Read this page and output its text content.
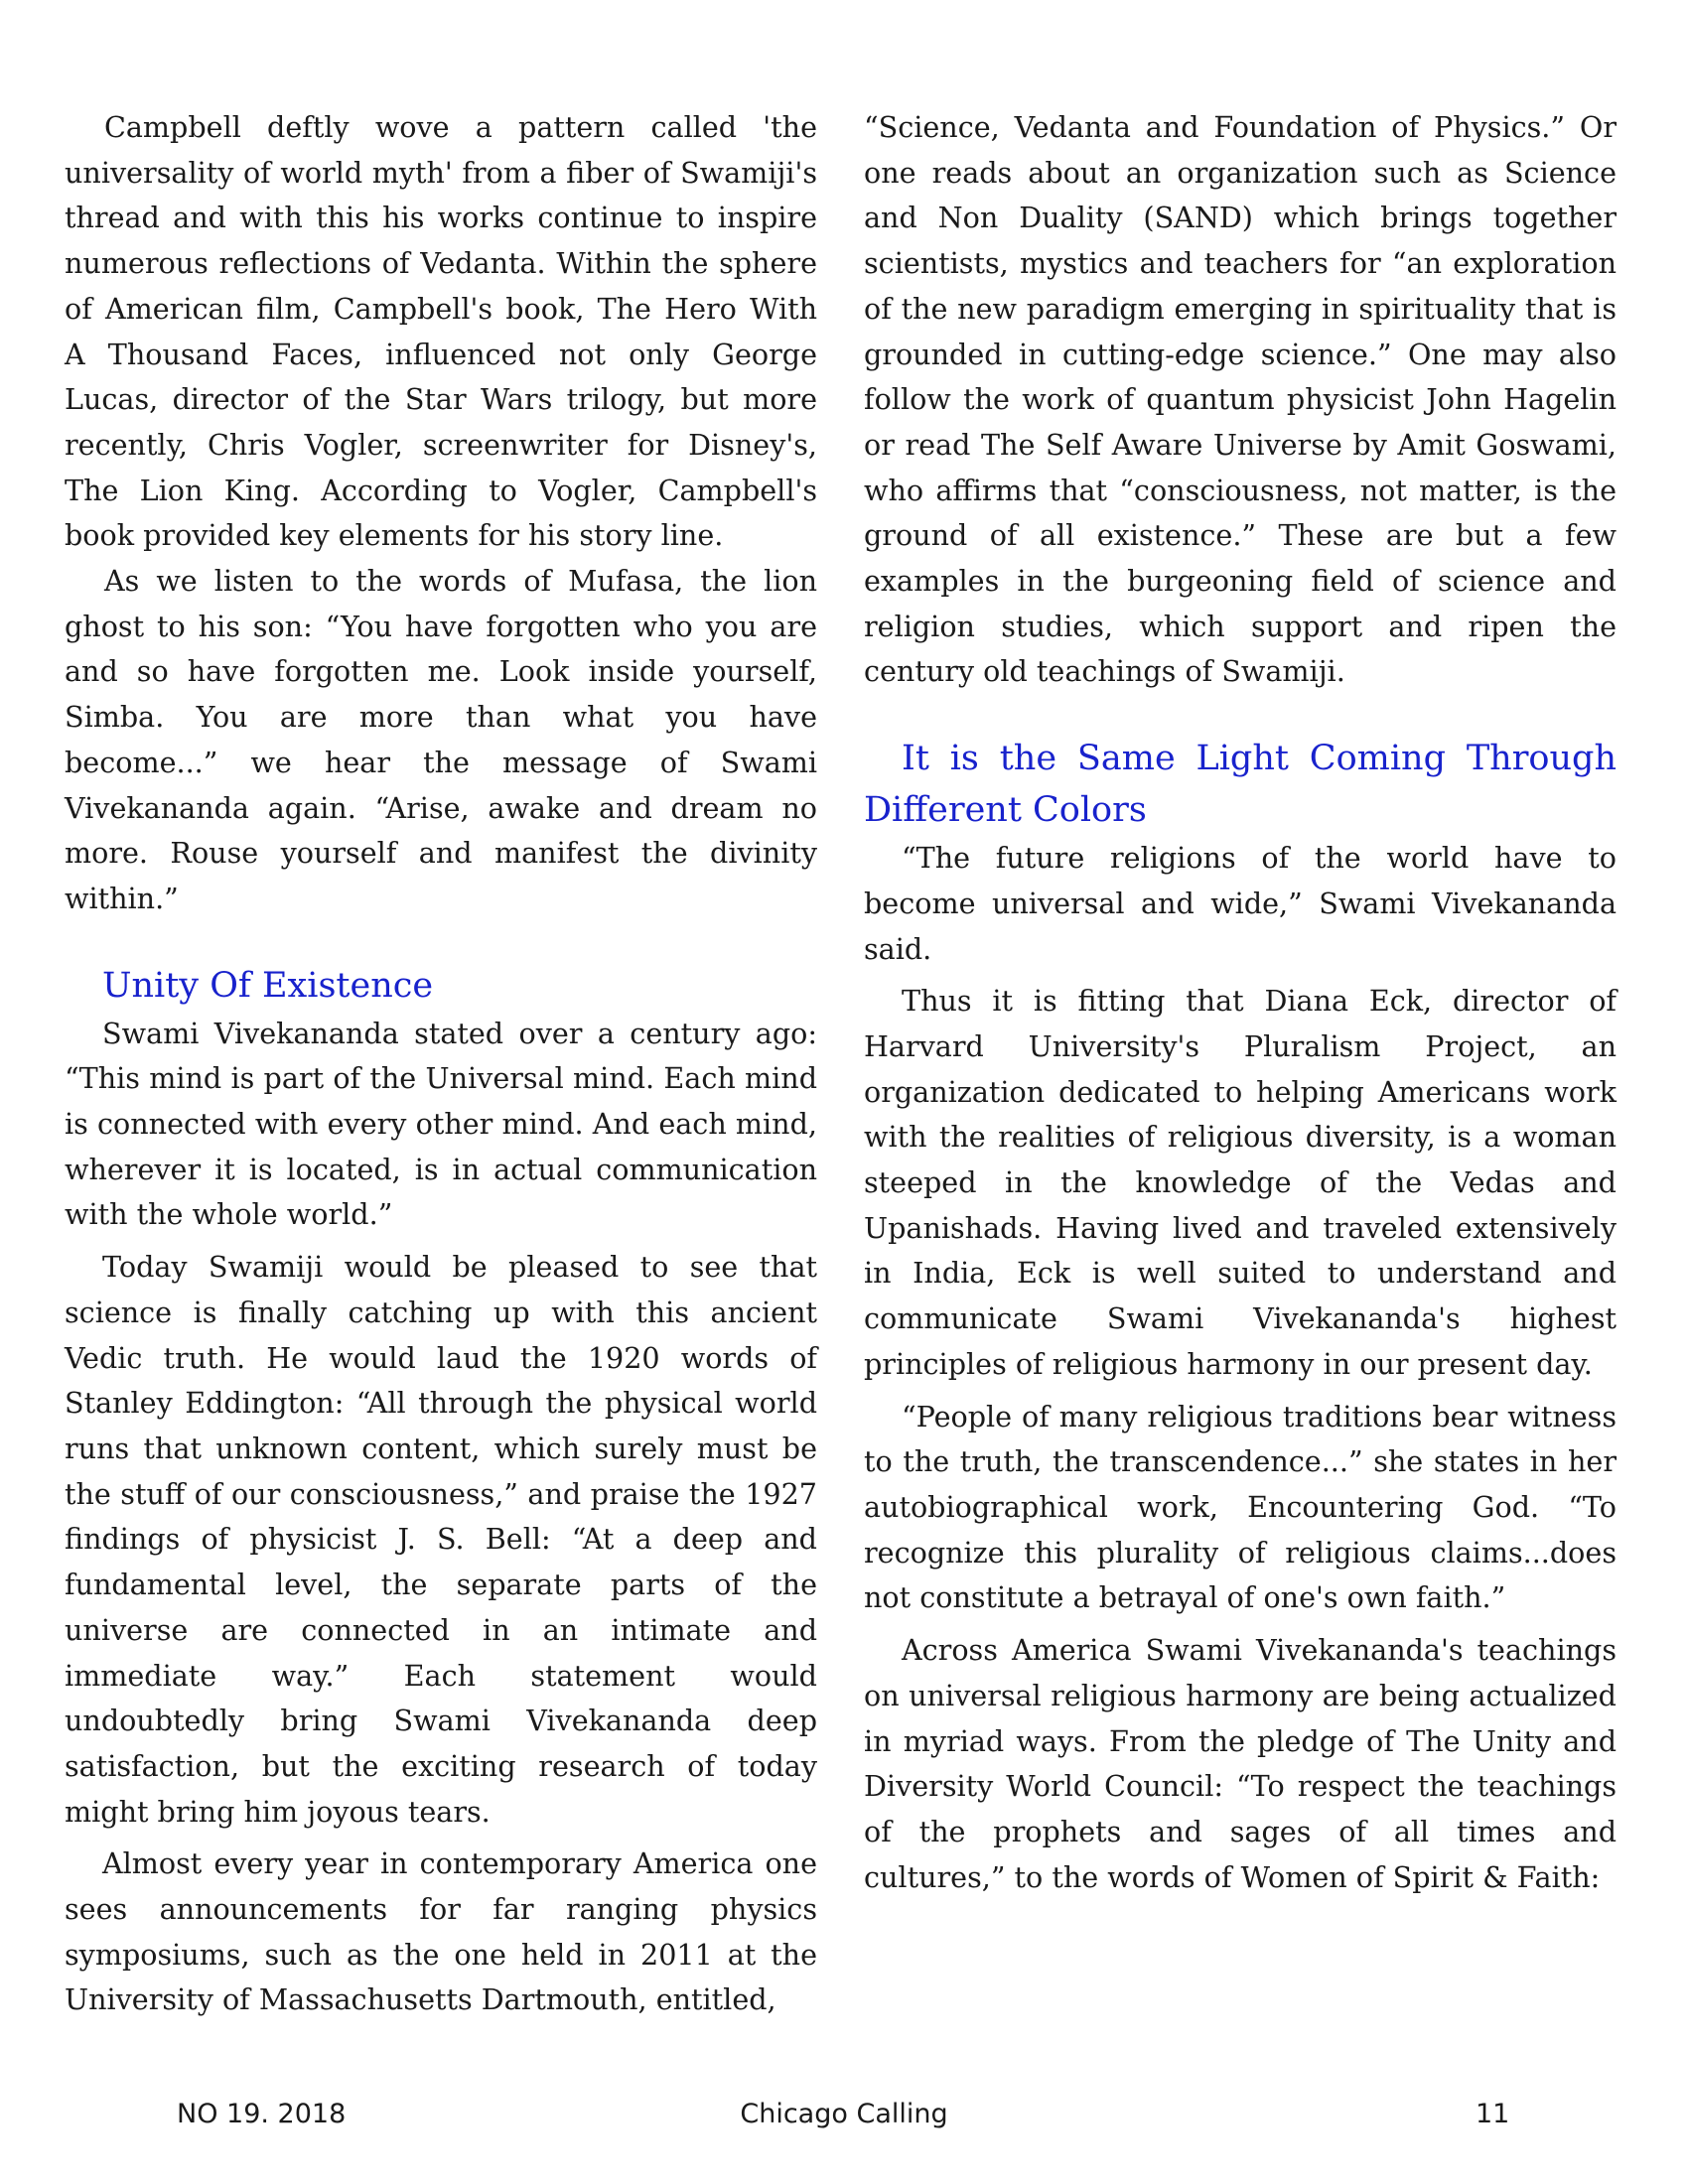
Campbell deftly wove a pattern called 'the universality of world myth' from a fiber of Swamiji's thread and with this his works continue to inspire numerous reflections of Vedanta. Within the sphere of American film, Campbell's book, The Hero With A Thousand Faces, influenced not only George Lucas, director of the Star Wars trilogy, but more recently, Chris Vogler, screenwriter for Disney's, The Lion King. According to Vogler, Campbell's book provided key elements for his story line.

As we listen to the words of Mufasa, the lion ghost to his son: “You have forgotten who you are and so have forgotten me. Look inside yourself, Simba. You are more than what you have become...” we hear the message of Swami Vivekananda again. “Arise, awake and dream no more. Rouse yourself and manifest the divinity within.”

Unity Of Existence

Swami Vivekananda stated over a century ago: “This mind is part of the Universal mind. Each mind is connected with every other mind. And each mind, wherever it is located, is in actual communication with the whole world.”

Today Swamiji would be pleased to see that science is finally catching up with this ancient Vedic truth. He would laud the 1920 words of Stanley Eddington: “All through the physical world runs that unknown content, which surely must be the stuff of our consciousness,” and praise the 1927 findings of physicist J. S. Bell: “At a deep and fundamental level, the separate parts of the universe are connected in an intimate and immediate way.” Each statement would undoubtedly bring Swami Vivekananda deep satisfaction, but the exciting research of today might bring him joyous tears.

Almost every year in contemporary America one sees announcements for far ranging physics symposiums, such as the one held in 2011 at the University of Massachusetts Dartmouth, entitled,

“Science, Vedanta and Foundation of Physics.” Or one reads about an organization such as Science and Non Duality (SAND) which brings together scientists, mystics and teachers for “an exploration of the new paradigm emerging in spirituality that is grounded in cutting-edge science.” One may also follow the work of quantum physicist John Hagelin or read The Self Aware Universe by Amit Goswami, who affirms that “consciousness, not matter, is the ground of all existence.” These are but a few examples in the burgeoning field of science and religion studies, which support and ripen the century old teachings of Swamiji.

It is the Same Light Coming Through Different Colors

“The future religions of the world have to become universal and wide,” Swami Vivekananda said.

Thus it is fitting that Diana Eck, director of Harvard University's Pluralism Project, an organization dedicated to helping Americans work with the realities of religious diversity, is a woman steeped in the knowledge of the Vedas and Upanishads. Having lived and traveled extensively in India, Eck is well suited to understand and communicate Swami Vivekananda's highest principles of religious harmony in our present day.

“People of many religious traditions bear witness to the truth, the transcendence...” she states in her autobiographical work, Encountering God. “To recognize this plurality of religious claims...does not constitute a betrayal of one's own faith.”

Across America Swami Vivekananda's teachings on universal religious harmony are being actualized in myriad ways. From the pledge of The Unity and Diversity World Council: “To respect the teachings of the prophets and sages of all times and cultures,” to the words of Women of Spirit & Faith:

NO 19. 2018	Chicago Calling	11
